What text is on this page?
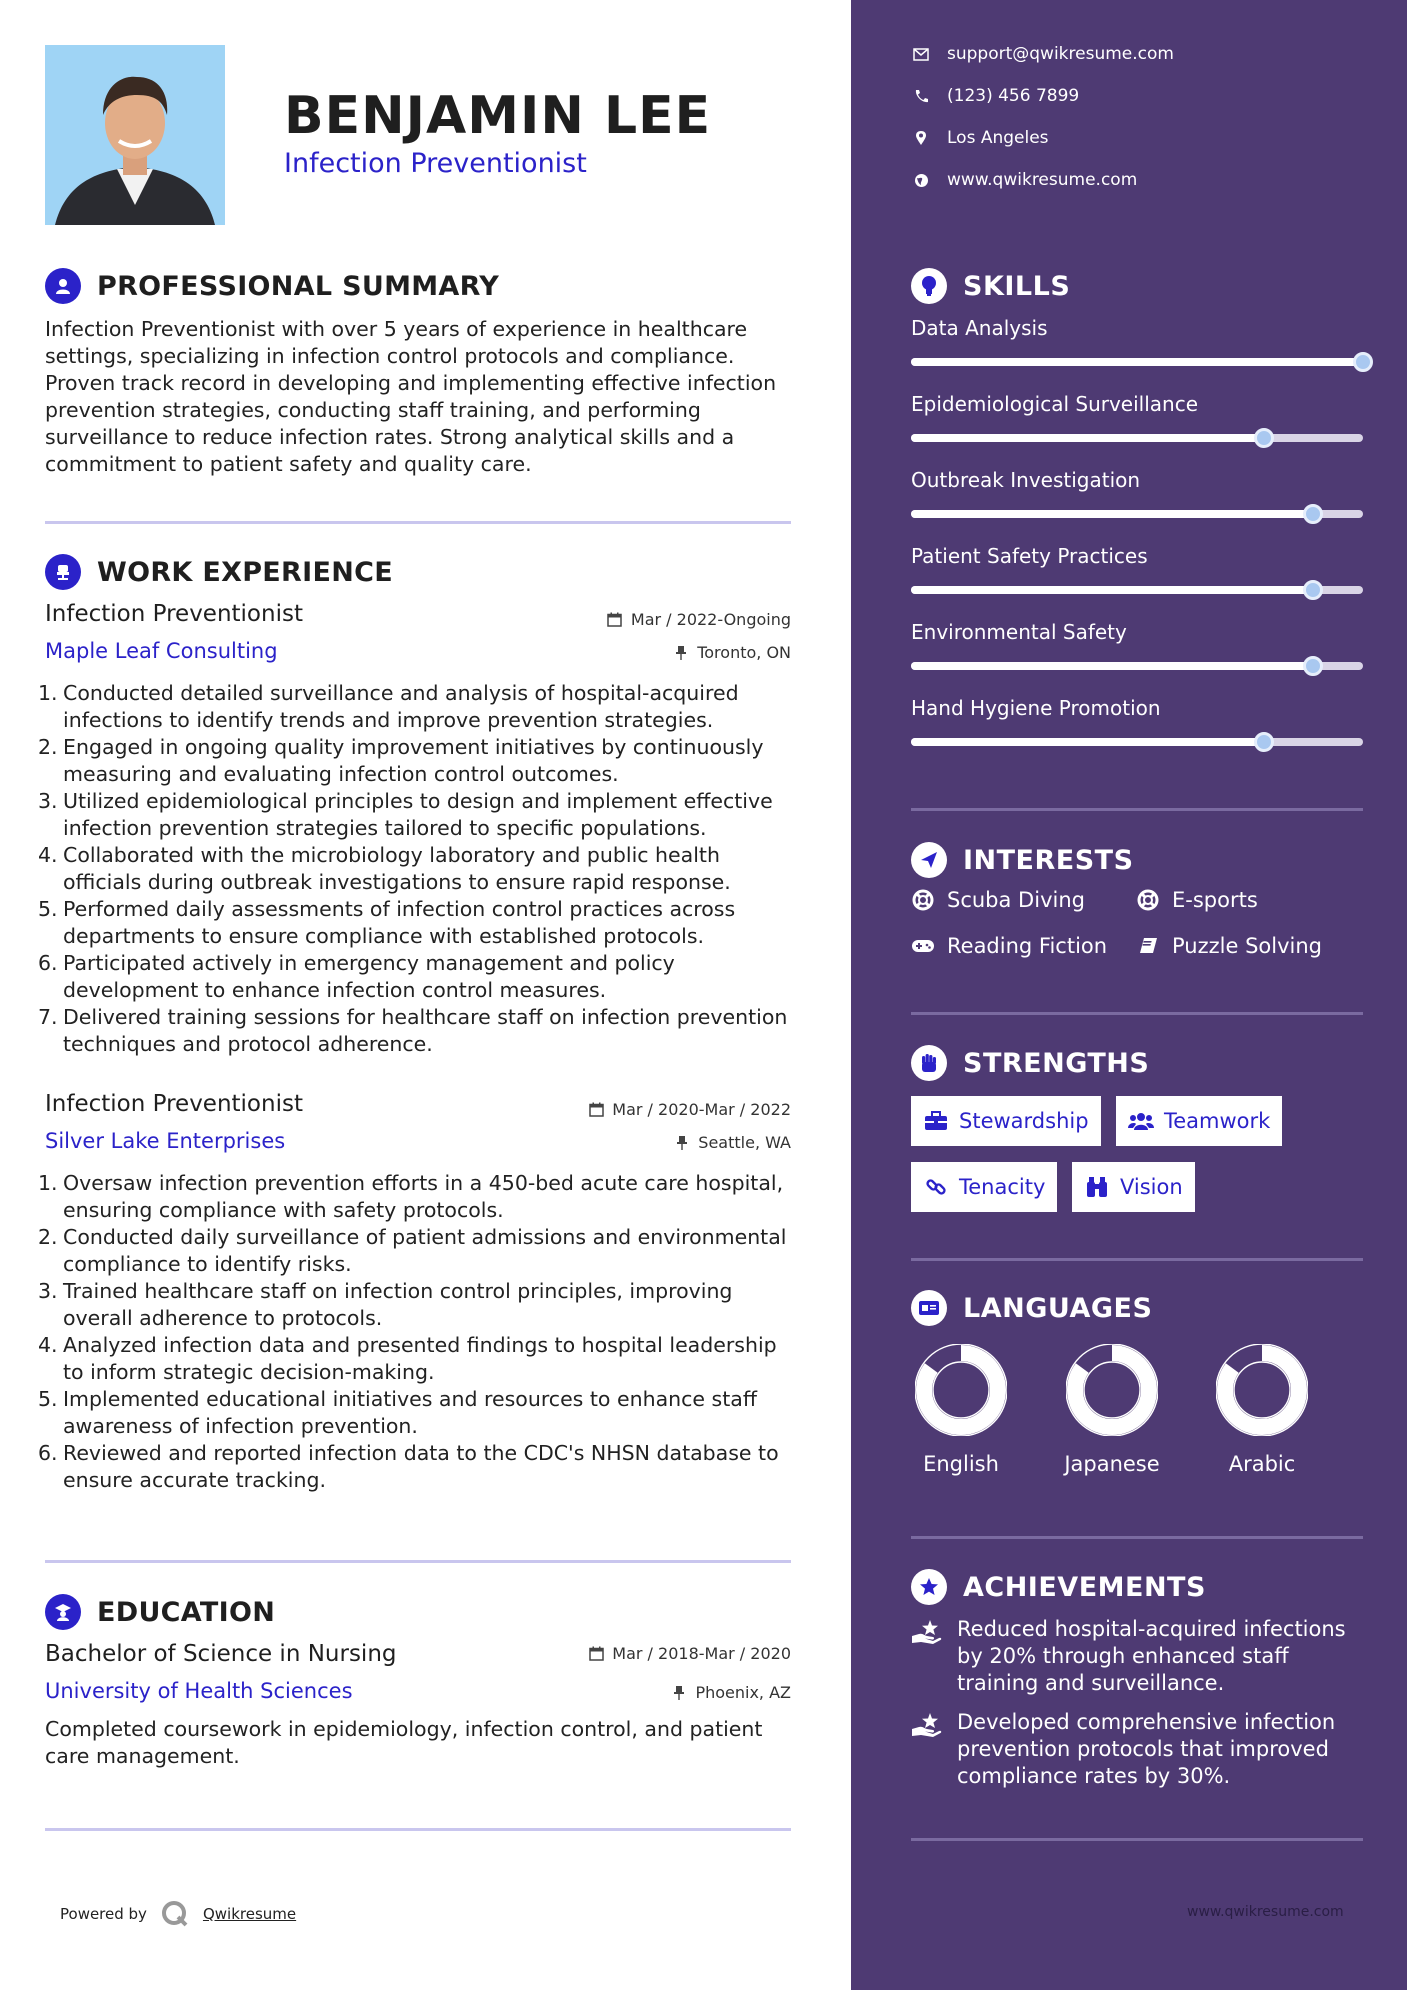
BENJAMIN LEE
Infection Preventionist
PROFESSIONAL SUMMARY
Infection Preventionist with over 5 years of experience in healthcare settings, specializing in infection control protocols and compliance. Proven track record in developing and implementing effective infection prevention strategies, conducting staff training, and performing surveillance to reduce infection rates. Strong analytical skills and a commitment to patient safety and quality care.
WORK EXPERIENCE
Infection Preventionist	Mar / 2022-Ongoing
Maple Leaf Consulting	Toronto, ON
1. Conducted detailed surveillance and analysis of hospital-acquired infections to identify trends and improve prevention strategies.
2. Engaged in ongoing quality improvement initiatives by continuously measuring and evaluating infection control outcomes.
3. Utilized epidemiological principles to design and implement effective infection prevention strategies tailored to specific populations.
4. Collaborated with the microbiology laboratory and public health officials during outbreak investigations to ensure rapid response.
5. Performed daily assessments of infection control practices across departments to ensure compliance with established protocols.
6. Participated actively in emergency management and policy development to enhance infection control measures.
7. Delivered training sessions for healthcare staff on infection prevention techniques and protocol adherence.
Infection Preventionist	Mar / 2020-Mar / 2022
Silver Lake Enterprises	Seattle, WA
1. Oversaw infection prevention efforts in a 450-bed acute care hospital, ensuring compliance with safety protocols.
2. Conducted daily surveillance of patient admissions and environmental compliance to identify risks.
3. Trained healthcare staff on infection control principles, improving overall adherence to protocols.
4. Analyzed infection data and presented findings to hospital leadership to inform strategic decision-making.
5. Implemented educational initiatives and resources to enhance staff awareness of infection prevention.
6. Reviewed and reported infection data to the CDC's NHSN database to ensure accurate tracking.
EDUCATION
Bachelor of Science in Nursing	Mar / 2018-Mar / 2020
University of Health Sciences	Phoenix, AZ
Completed coursework in epidemiology, infection control, and patient care management.
Powered by	Qwikresume
support@qwikresume.com
(123) 456 7899
Los Angeles
www.qwikresume.com
SKILLS
Data Analysis
Epidemiological Surveillance
Outbreak Investigation
Patient Safety Practices
Environmental Safety
Hand Hygiene Promotion
INTERESTS
Scuba Diving	E-sports
Reading Fiction	Puzzle Solving
STRENGTHS
Stewardship	Teamwork
Tenacity	Vision
LANGUAGES
English	Japanese	Arabic
ACHIEVEMENTS
Reduced hospital-acquired infections by 20% through enhanced staff training and surveillance.
Developed comprehensive infection prevention protocols that improved compliance rates by 30%.
www.qwikresume.com
